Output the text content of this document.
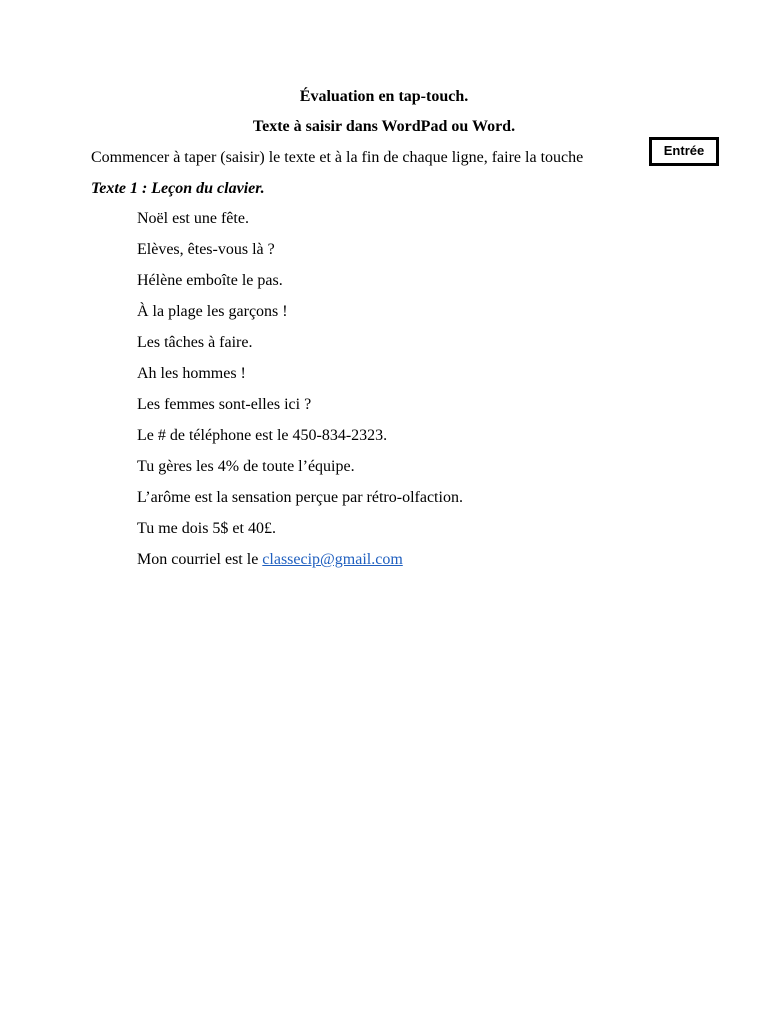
Évaluation en tap-touch.
Texte à saisir dans WordPad ou Word.
Commencer à taper (saisir) le texte et à la fin de chaque ligne, faire la touche	Entrée
Texte 1 : Leçon du clavier.
Noël est une fête.
Elèves, êtes-vous là ?
Hélène emboîte le pas.
À la plage les garçons !
Les tâches à faire.
Ah les hommes !
Les femmes sont-elles ici ?
Le # de téléphone est le 450-834-2323.
Tu gères les 4% de toute l’équipe.
L’arôme est la sensation perçue par rétro-olfaction.
Tu me dois 5$ et 40£.
Mon courriel est le classecip@gmail.com
